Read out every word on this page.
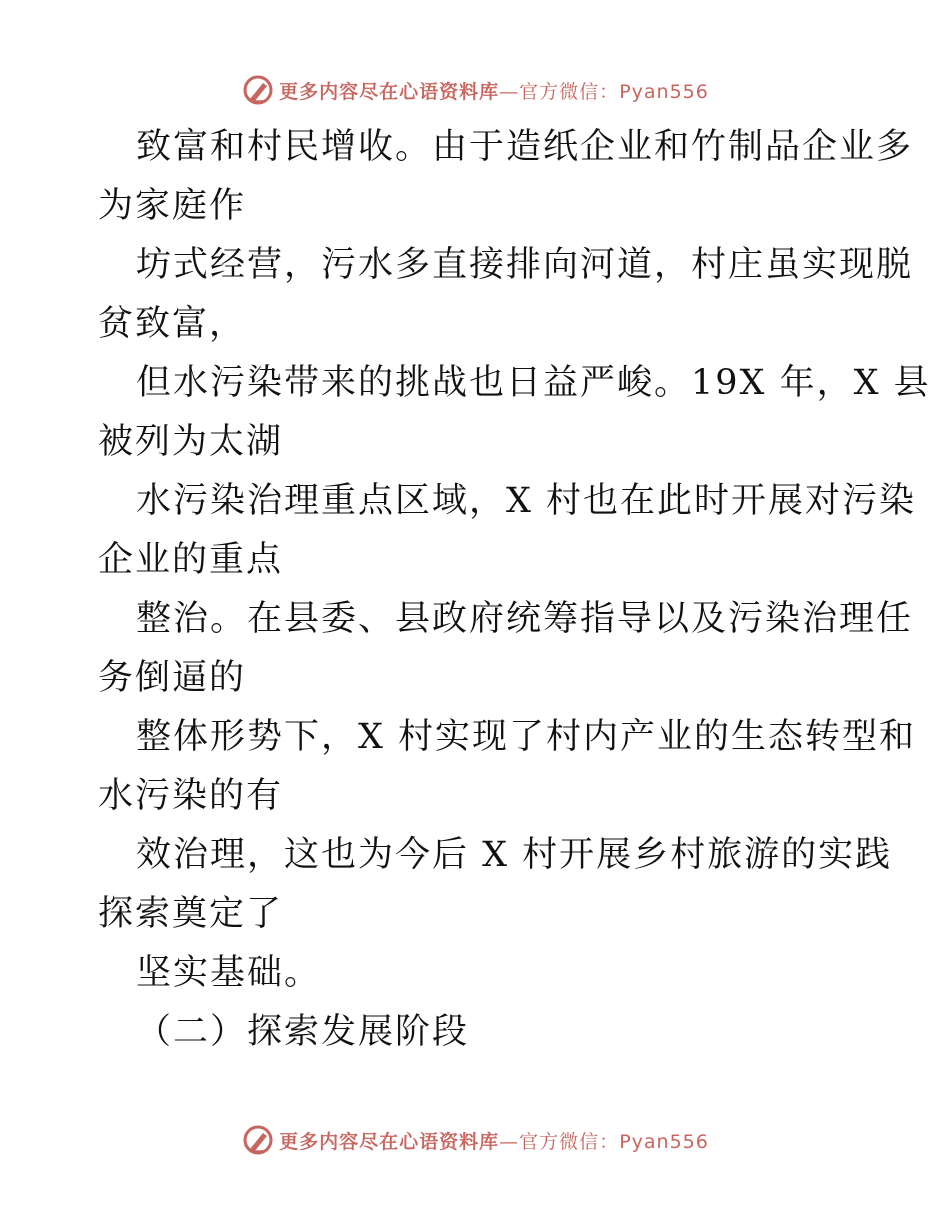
更多内容尽在心语资料库—官方微信：Pyan556
致富和村民增收。由于造纸企业和竹制品企业多
为家庭作
坊式经营，污水多直接排向河道，村庄虽实现脱
贫致富，
但水污染带来的挑战也日益严峻。19X 年，X 县
被列为太湖
水污染治理重点区域，X 村也在此时开展对污染
企业的重点
整治。在县委、县政府统筹指导以及污染治理任
务倒逼的
整体形势下，X 村实现了村内产业的生态转型和
水污染的有
效治理，这也为今后 X 村开展乡村旅游的实践
探索奠定了
坚实基础。
（二）探索发展阶段
更多内容尽在心语资料库—官方微信：Pyan556
